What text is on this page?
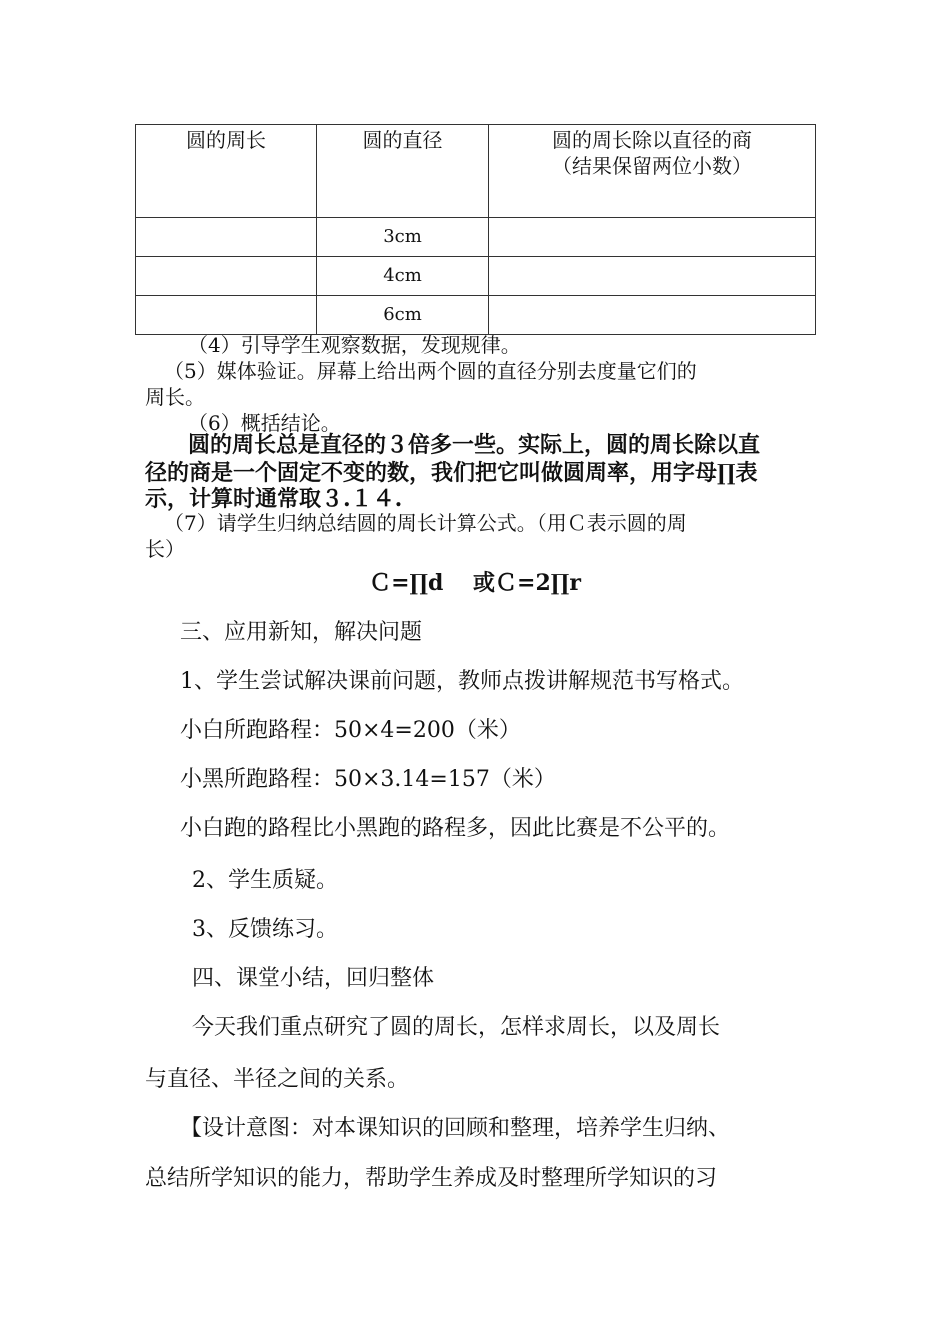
圆的周长	圆的直径	圆的周长除以直径的商
（结果保留两位小数）

	3cm	
	4cm	
	6cm	
（4）引导学生观察数据，发现规律。
（5）媒体验证。屏幕上给出两个圆的直径分别去度量它们的
周长。
（6）概括结论。
圆的周长总是直径的３倍多一些。实际上，圆的周长除以直
径的商是一个固定不变的数，我们把它叫做圆周率，用字母∏表
示，计算时通常取３.１４.
（7）请学生归纳总结圆的周长计算公式。（用Ｃ表示圆的周
长）
Ｃ=∏d　 或Ｃ=2∏r
三、应用新知，解决问题
1、学生尝试解决课前问题，教师点拨讲解规范书写格式。
小白所跑路程：50×4=200（米）
小黑所跑路程：50×3.14=157（米）
小白跑的路程比小黑跑的路程多，因此比赛是不公平的。
2、学生质疑。
3、反馈练习。
四、课堂小结，回归整体
今天我们重点研究了圆的周长，怎样求周长，以及周长
与直径、半径之间的关系。
【设计意图：对本课知识的回顾和整理，培养学生归纳、
总结所学知识的能力，帮助学生养成及时整理所学知识的习
